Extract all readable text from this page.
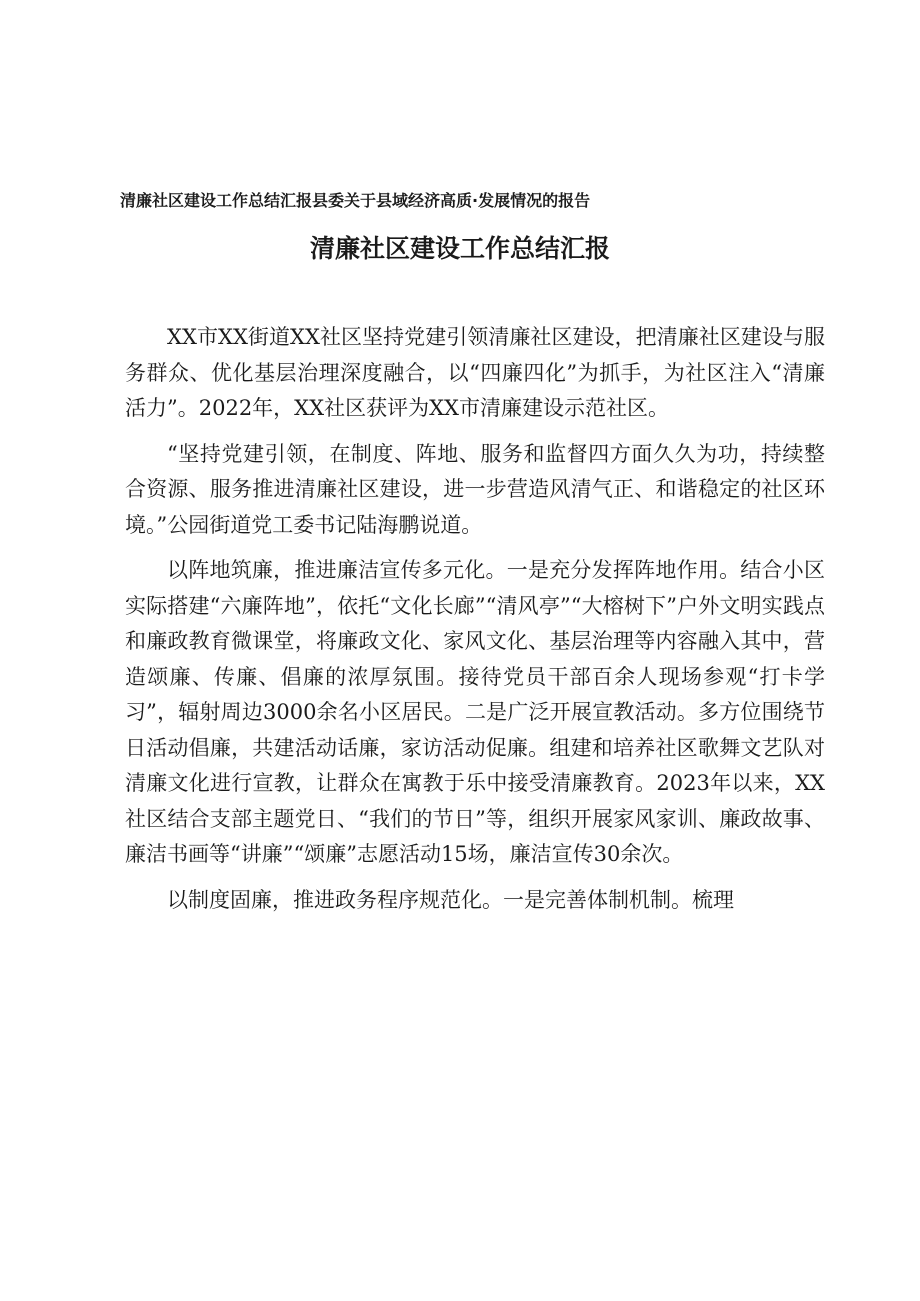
清廉社区建设工作总结汇报县委关于县域经济高质·发展情况的报告
清廉社区建设工作总结汇报

XX市XX街道XX社区坚持党建引领清廉社区建设，把清廉社区建设与服务群众、优化基层治理深度融合，以“四廉四化”为抓手，为社区注入“清廉活力”。2022年，XX社区获评为XX市清廉建设示范社区。

“坚持党建引领，在制度、阵地、服务和监督四方面久久为功，持续整合资源、服务推进清廉社区建设，进一步营造风清气正、和谐稳定的社区环境。”公园街道党工委书记陆海鹏说道。

以阵地筑廉，推进廉洁宣传多元化。一是充分发挥阵地作用。结合小区实际搭建“六廉阵地”，依托“文化长廊”“清风亭”“大榕树下”户外文明实践点和廉政教育微课堂，将廉政文化、家风文化、基层治理等内容融入其中，营造颂廉、传廉、倡廉的浓厚氛围。接待党员干部百余人现场参观“打卡学习”，辐射周边3000余名小区居民。二是广泛开展宣教活动。多方位围绕节日活动倡廉，共建活动话廉，家访活动促廉。组建和培养社区歌舞文艺队对清廉文化进行宣教，让群众在寓教于乐中接受清廉教育。2023年以来，XX社区结合支部主题党日、“我们的节日”等，组织开展家风家训、廉政故事、廉洁书画等“讲廉”“颂廉”志愿活动15场，廉洁宣传30余次。

以制度固廉，推进政务程序规范化。一是完善体制机制。梳理
